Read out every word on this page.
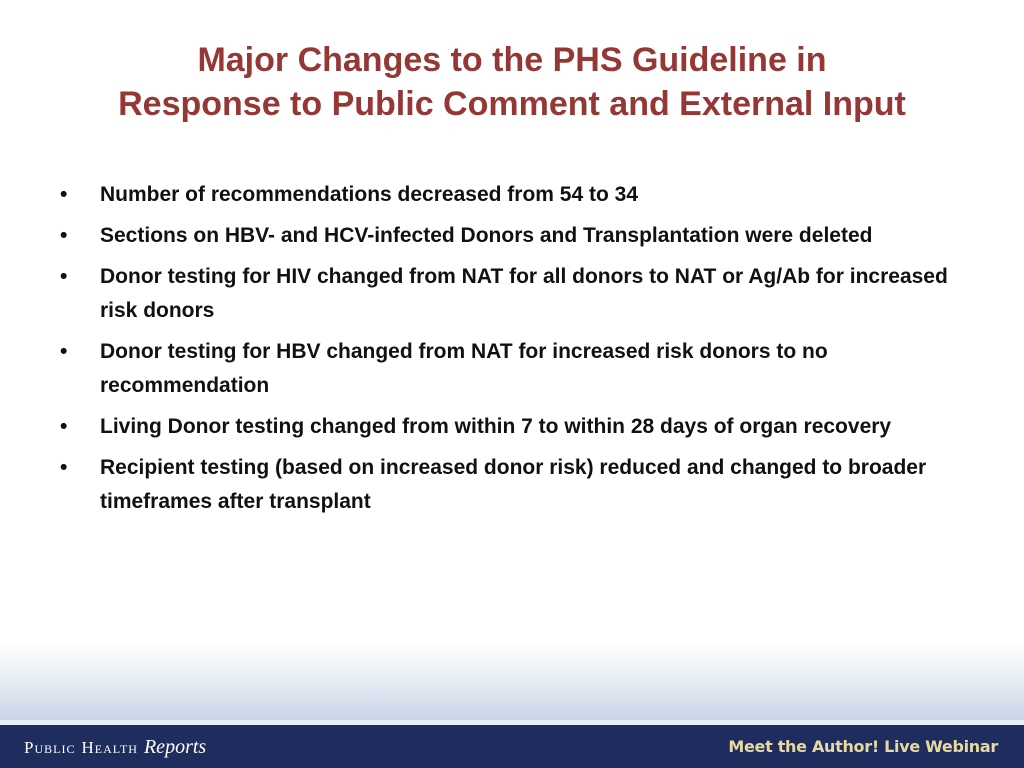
Major Changes to the PHS Guideline in
Response to Public Comment and External Input
•	Number of recommendations decreased from 54 to 34
•	Sections on HBV- and HCV-infected Donors and Transplantation were deleted
•	Donor testing for HIV changed from NAT for all donors to NAT or Ag/Ab for increased risk donors
•	Donor testing for HBV changed from NAT for increased risk donors to no recommendation
•	Living Donor testing changed from within 7 to within 28 days of organ recovery
•	Recipient testing (based on increased donor risk) reduced and changed to broader timeframes after transplant
Public Health Reports	Meet the Author! Live Webinar
